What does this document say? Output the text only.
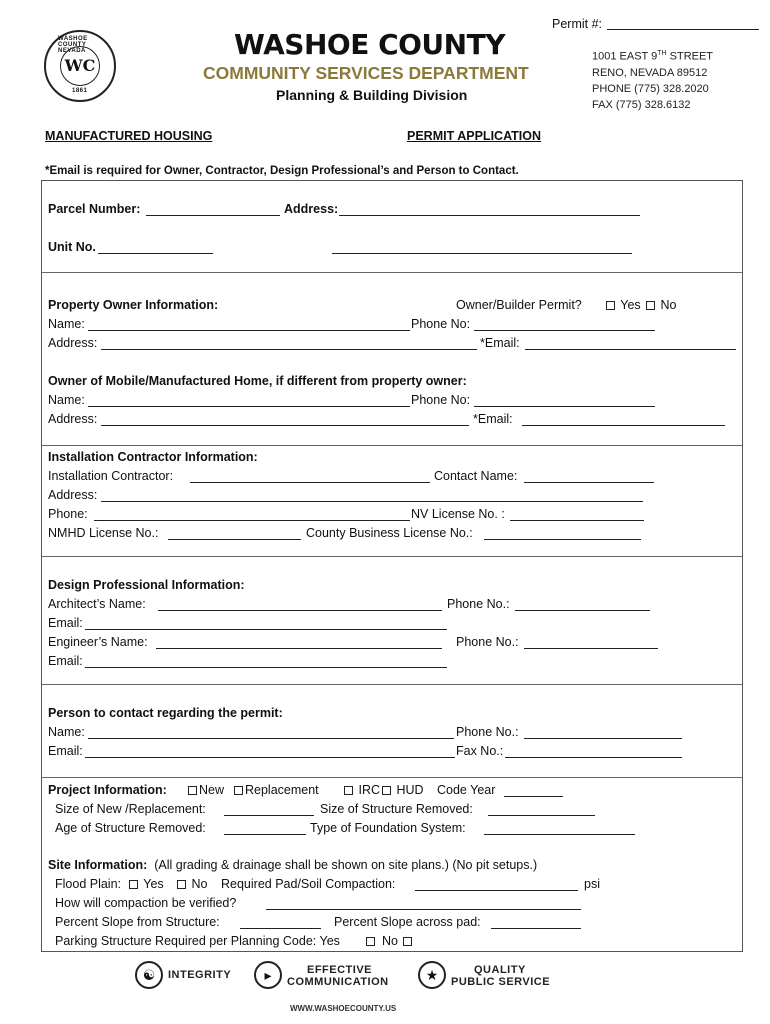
WC
WASHOE COUNTY NEVADA
1861
Permit #:
WASHOE COUNTY
COMMUNITY SERVICES DEPARTMENT
Planning & Building Division
1001 EAST 9TH STREET
RENO, NEVADA 89512
PHONE (775) 328.2020
FAX (775) 328.6132
MANUFACTURED HOUSING	PERMIT APPLICATION
*Email is required for Owner, Contractor, Design Professional’s and Person to Contact.
Parcel Number:	Address:
Unit No.
Property Owner Information:	Owner/Builder Permit?	Yes	No
Name:	Phone No:
Address:	*Email:
Owner of Mobile/Manufactured Home, if different from property owner:
Name:	Phone No:
Address:	*Email:
Installation Contractor Information:
Installation Contractor:	Contact Name:
Address:
Phone:	NV License No. :
NMHD License No.:	County Business License No.:
Design Professional Information:
Architect’s Name:	Phone No.:
Email:
Engineer’s Name:	Phone No.:
Email:
Person to contact regarding the permit:
Name:	Phone No.:
Email:	Fax No.:
Project Information:	New	Replacement	IRC	HUD Code Year
Size of New /Replacement:	Size of Structure Removed:
Age of Structure Removed:	Type of Foundation System:
Site Information: (All grading & drainage shall be shown on site plans.) (No pit setups.)
Flood Plain:	Yes	No Required Pad/Soil Compaction:	psi
How will compaction be verified?
Percent Slope from Structure:	Percent Slope across pad:
Parking Structure Required per Planning Code: Yes	No
☯	INTEGRITY	▸	EFFECTIVE
COMMUNICATION	★	QUALITY
PUBLIC SERVICE
WWW.WASHOECOUNTY.US
